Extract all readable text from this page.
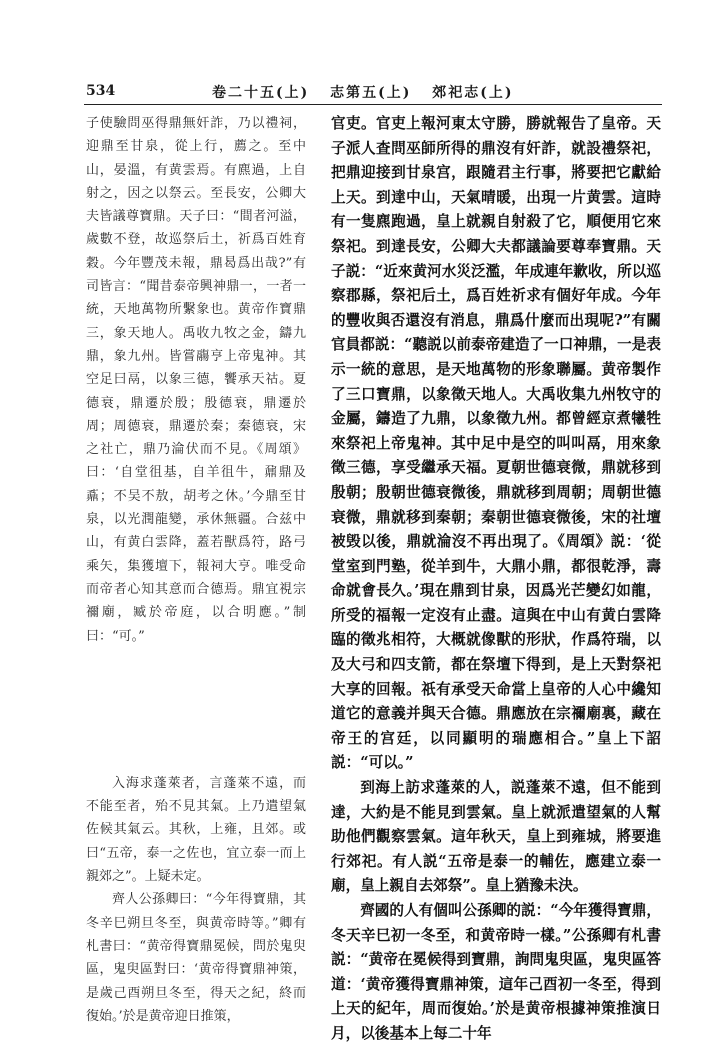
534	卷二十五(上) 志第五(上) 郊祀志(上)

子使驗問巫得鼎無奸詐，乃以禮祠，迎鼎至甘泉，從上行，薦之。至中山，晏溫，有黄雲焉。有麃過，上自射之，因之以祭云。至長安，公卿大夫皆議尊寶鼎。天子曰：“間者河溢，歲數不登，故巡祭后土，祈爲百姓育穀。今年豐茂未報，鼎曷爲出哉?”有司皆言：“聞昔泰帝興神鼎一，一者一統，天地萬物所繫象也。黄帝作寶鼎三，象天地人。禹收九牧之金，鑄九鼎，象九州。皆嘗鬺亨上帝鬼神。其空足曰鬲，以象三德，饗承天祜。夏德衰，鼎遷於殷；殷德衰，鼎遷於周；周德衰，鼎遷於秦；秦德衰，宋之社亡，鼎乃淪伏而不見。《周頌》曰：‘自堂徂基，自羊徂牛，鼐鼎及鼒；不吴不敖，胡考之休。’今鼎至甘泉，以光潤龍變，承休無疆。合兹中山，有黄白雲降，蓋若獸爲符，路弓乘矢，集獲壇下，報祠大亨。唯受命而帝者心知其意而合德焉。鼎宜視宗禰廟，臧於帝庭，以合明應。”制曰：“可。”

入海求蓬萊者，言蓬萊不遠，而不能至者，殆不見其氣。上乃遣望氣佐候其氣云。其秋，上雍，且郊。或曰“五帝，泰一之佐也，宜立泰一而上親郊之”。上疑未定。

齊人公孫卿曰：“今年得寶鼎，其冬辛巳朔旦冬至，與黄帝時等。”卿有札書曰：“黄帝得寶鼎冕候，問於鬼臾區，鬼臾區對曰：‘黄帝得寶鼎神策，是歲己酉朔旦冬至，得天之紀，終而復始。’於是黄帝迎日推策，

官吏。官吏上報河東太守勝，勝就報告了皇帝。天子派人查問巫師所得的鼎沒有奸詐，就設禮祭祀，把鼎迎接到甘泉宫，跟隨君主行事，將要把它獻給上天。到達中山，天氣晴暖，出現一片黄雲。這時有一隻麃跑過，皇上就親自射殺了它，順便用它來祭祀。到達長安，公卿大夫都議論要尊奉寶鼎。天子説：“近來黄河水災泛濫，年成連年歉收，所以巡察郡縣，祭祀后土，爲百姓祈求有個好年成。今年的豐收與否還沒有消息，鼎爲什麼而出現呢?”有關官員都説：“聽説以前泰帝建造了一口神鼎，一是表示一統的意思，是天地萬物的形象聯屬。黄帝製作了三口寶鼎，以象徵天地人。大禹收集九州牧守的金屬，鑄造了九鼎，以象徵九州。都曾經京煮犧牲來祭祀上帝鬼神。其中足中是空的叫叫鬲，用來象徵三德，享受繼承天福。夏朝世德衰微，鼎就移到殷朝；殷朝世德衰微後，鼎就移到周朝；周朝世德衰微，鼎就移到秦朝；秦朝世德衰微後，宋的社壇被毁以後，鼎就淪沒不再出現了。《周頌》説：‘從堂室到門塾，從羊到牛，大鼎小鼎，都很乾淨，壽命就會長久。’現在鼎到甘泉，因爲光芒變幻如龍，所受的福報一定沒有止盡。這與在中山有黄白雲降臨的徵兆相符，大概就像獸的形狀，作爲符瑞，以及大弓和四支箭，都在祭壇下得到，是上天對祭祀大享的回報。祇有承受天命當上皇帝的人心中纔知道它的意義并與天合德。鼎應放在宗禰廟裏，藏在帝王的宫廷，以同顯明的瑞應相合。”皇上下詔説：“可以。”

到海上訪求蓬萊的人，説蓬萊不遠，但不能到達，大約是不能見到雲氣。皇上就派遣望氣的人幫助他們觀察雲氣。這年秋天，皇上到雍城，將要進行郊祀。有人説“五帝是泰一的輔佐，應建立泰一廟，皇上親自去郊祭”。皇上猶豫未決。

齊國的人有個叫公孫卿的説：“今年獲得寶鼎，冬天辛巳初一冬至，和黄帝時一樣。”公孫卿有札書説：“黄帝在冕候得到寶鼎，詢問鬼臾區，鬼臾區答道：‘黄帝獲得寶鼎神策，這年己酉初一冬至，得到上天的紀年，周而復始。’於是黄帝根據神策推演日月，以後基本上每二十年
